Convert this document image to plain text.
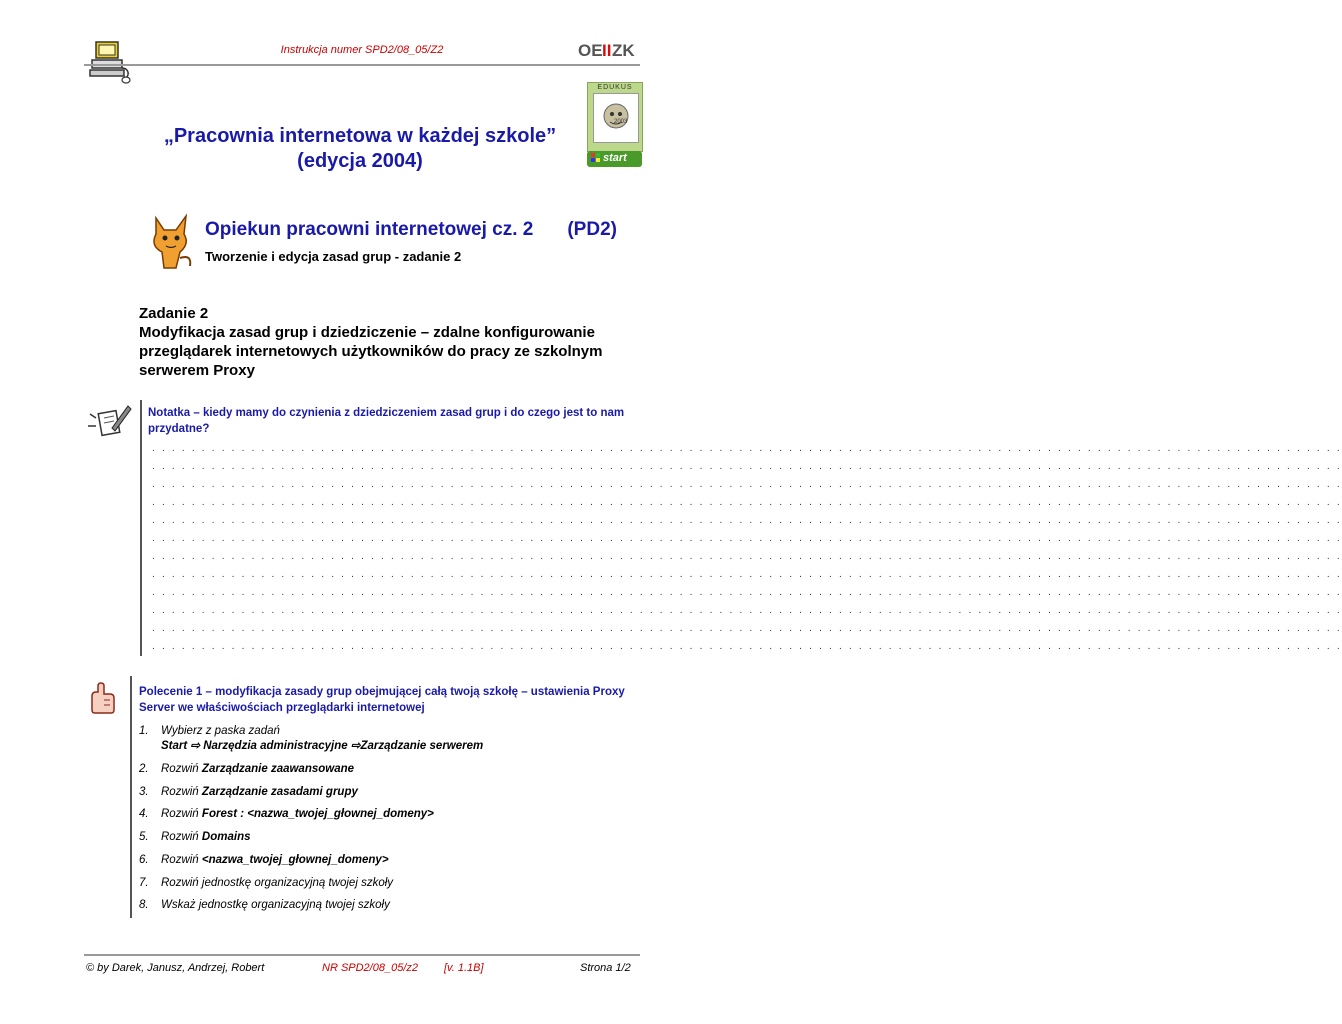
Instrukcja numer SPD2/08_05/Z2	OE II ZK
EDUKUS
2003
start
„Pracownia internetowa w każdej szkole”
(edycja 2004)
Opiekun pracowni internetowej cz. 2 (PD2)
Tworzenie i edycja zasad grup - zadanie 2
Zadanie 2
Modyfikacja zasad grup i dziedziczenie – zdalne konfigurowanie przeglądarek internetowych użytkowników do pracy ze szkolnym serwerem Proxy
Notatka – kiedy mamy do czynienia z dziedziczeniem zasad grup i do czego jest to nam przydatne?
. . . . . . . . . . . . . . . . . . . . . . . . . . . . . . . . . . . . . . . . . . . . . . . . . . . . . . . . . . . . . . . . . . . . . . . . . . . . . . . . . . . . . . . . . . . . . . . . . . . . . . . . . . . . . . . . . . . . . . . .
. . . . . . . . . . . . . . . . . . . . . . . . . . . . . . . . . . . . . . . . . . . . . . . . . . . . . . . . . . . . . . . . . . . . . . . . . . . . . . . . . . . . . . . . . . . . . . . . . . . . . . . . . . . . . . . . . . . . . . . .
. . . . . . . . . . . . . . . . . . . . . . . . . . . . . . . . . . . . . . . . . . . . . . . . . . . . . . . . . . . . . . . . . . . . . . . . . . . . . . . . . . . . . . . . . . . . . . . . . . . . . . . . . . . . . . . . . . . . . . . .
. . . . . . . . . . . . . . . . . . . . . . . . . . . . . . . . . . . . . . . . . . . . . . . . . . . . . . . . . . . . . . . . . . . . . . . . . . . . . . . . . . . . . . . . . . . . . . . . . . . . . . . . . . . . . . . . . . . . . . . .
. . . . . . . . . . . . . . . . . . . . . . . . . . . . . . . . . . . . . . . . . . . . . . . . . . . . . . . . . . . . . . . . . . . . . . . . . . . . . . . . . . . . . . . . . . . . . . . . . . . . . . . . . . . . . . . . . . . . . . . .
. . . . . . . . . . . . . . . . . . . . . . . . . . . . . . . . . . . . . . . . . . . . . . . . . . . . . . . . . . . . . . . . . . . . . . . . . . . . . . . . . . . . . . . . . . . . . . . . . . . . . . . . . . . . . . . . . . . . . . . .
. . . . . . . . . . . . . . . . . . . . . . . . . . . . . . . . . . . . . . . . . . . . . . . . . . . . . . . . . . . . . . . . . . . . . . . . . . . . . . . . . . . . . . . . . . . . . . . . . . . . . . . . . . . . . . . . . . . . . . . .
. . . . . . . . . . . . . . . . . . . . . . . . . . . . . . . . . . . . . . . . . . . . . . . . . . . . . . . . . . . . . . . . . . . . . . . . . . . . . . . . . . . . . . . . . . . . . . . . . . . . . . . . . . . . . . . . . . . . . . . .
. . . . . . . . . . . . . . . . . . . . . . . . . . . . . . . . . . . . . . . . . . . . . . . . . . . . . . . . . . . . . . . . . . . . . . . . . . . . . . . . . . . . . . . . . . . . . . . . . . . . . . . . . . . . . . . . . . . . . . . .
. . . . . . . . . . . . . . . . . . . . . . . . . . . . . . . . . . . . . . . . . . . . . . . . . . . . . . . . . . . . . . . . . . . . . . . . . . . . . . . . . . . . . . . . . . . . . . . . . . . . . . . . . . . . . . . . . . . . . . . .
. . . . . . . . . . . . . . . . . . . . . . . . . . . . . . . . . . . . . . . . . . . . . . . . . . . . . . . . . . . . . . . . . . . . . . . . . . . . . . . . . . . . . . . . . . . . . . . . . . . . . . . . . . . . . . . . . . . . . . . .
. . . . . . . . . . . . . . . . . . . . . . . . . . . . . . . . . . . . . . . . . . . . . . . . . . . . . . . . . . . . . . . . . . . . . . . . . . . . . . . . . . . . . . . . . . . . . . . . . . . . . . . . . . . . . . . . . . . . . . . .
Polecenie 1 – modyfikacja zasady grup obejmującej całą twoją szkołę – ustawienia Proxy Server we właściwościach przeglądarki internetowej
1. Wybierz z paska zadań
Start ⇨ Narzędzia administracyjne ⇨Zarządzanie serwerem
2. Rozwiń Zarządzanie zaawansowane
3. Rozwiń Zarządzanie zasadami grupy
4. Rozwiń Forest : <nazwa_twojej_głownej_domeny>
5. Rozwiń Domains
6. Rozwiń <nazwa_twojej_głownej_domeny>
7. Rozwiń jednostkę organizacyjną twojej szkoły
8. Wskaż jednostkę organizacyjną twojej szkoły
© by Darek, Janusz, Andrzej, Robert	NR SPD2/08_05/z2 [v. 1.1B]	Strona 1/2
